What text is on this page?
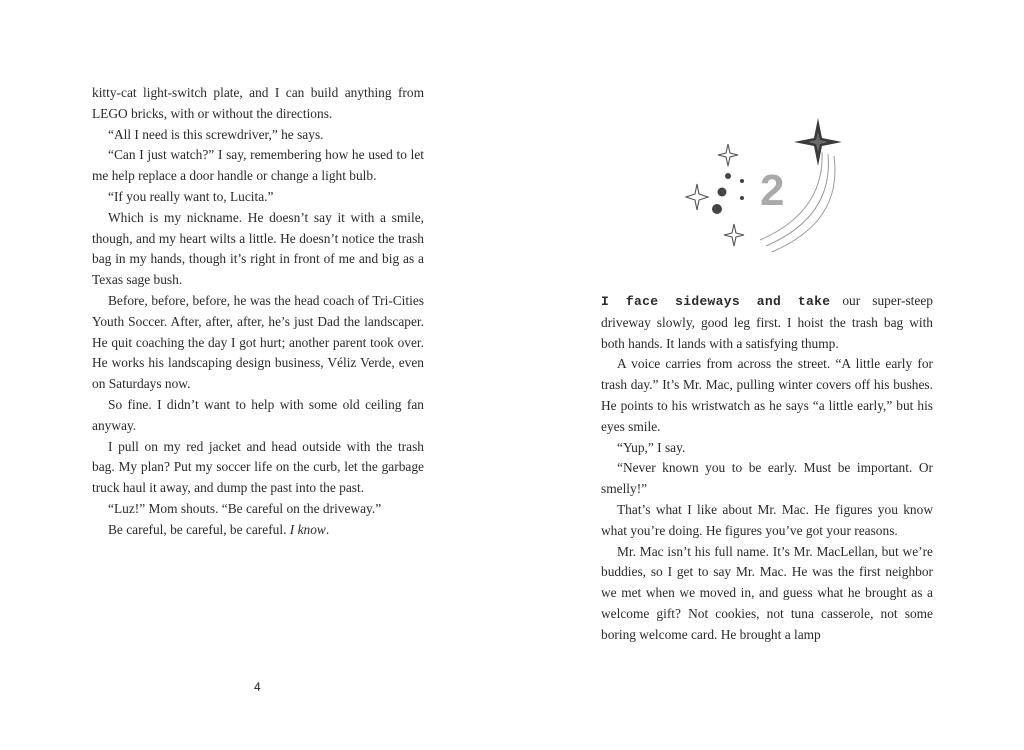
kitty-cat light-switch plate, and I can build anything from LEGO bricks, with or without the directions.

“All I need is this screwdriver,” he says.

“Can I just watch?” I say, remembering how he used to let me help replace a door handle or change a light bulb.

“If you really want to, Lucita.”

Which is my nickname. He doesn’t say it with a smile, though, and my heart wilts a little. He doesn’t notice the trash bag in my hands, though it’s right in front of me and big as a Texas sage bush.

Before, before, before, he was the head coach of Tri-Cities Youth Soccer. After, after, after, he’s just Dad the landscaper. He quit coaching the day I got hurt; another parent took over. He works his landscaping design business, Véliz Verde, even on Saturdays now.

So fine. I didn’t want to help with some old ceiling fan anyway.

I pull on my red jacket and head outside with the trash bag. My plan? Put my soccer life on the curb, let the garbage truck haul it away, and dump the past into the past.

“Luz!” Mom shouts. “Be careful on the driveway.”

Be careful, be careful, be careful. I know.

4
2

I face sideways and take our super-steep driveway slowly, good leg first. I hoist the trash bag with both hands. It lands with a satisfying thump.

A voice carries from across the street. “A little early for trash day.” It’s Mr. Mac, pulling winter covers off his bushes. He points to his wristwatch as he says “a little early,” but his eyes smile.

“Yup,” I say.

“Never known you to be early. Must be important. Or smelly!”

That’s what I like about Mr. Mac. He figures you know what you’re doing. He figures you’ve got your reasons.

Mr. Mac isn’t his full name. It’s Mr. MacLellan, but we’re buddies, so I get to say Mr. Mac. He was the first neighbor we met when we moved in, and guess what he brought as a welcome gift? Not cookies, not tuna casserole, not some boring welcome card. He brought a lamp
